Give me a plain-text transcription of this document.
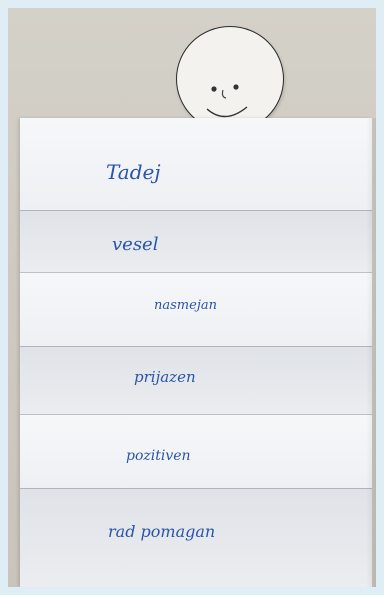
Tadej
vesel
nasmejan
prijazen
pozitiven
rad pomagan
